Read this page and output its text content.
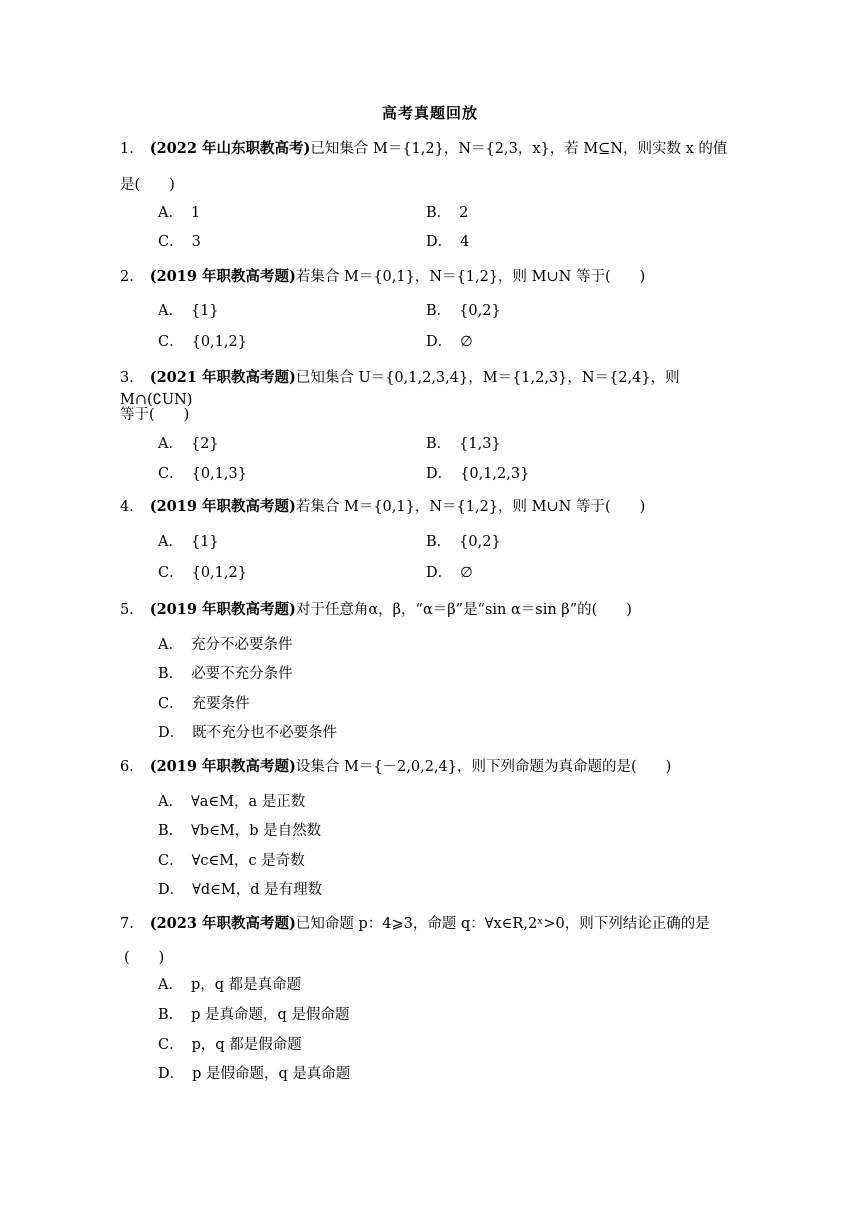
高考真题回放
1． (2022 年山东职教高考)已知集合 M＝{1,2}，N＝{2,3，x}，若 M⊆N，则实数 x 的值
是(　　)
A． 1	B． 2
C． 3	D． 4
2． (2019 年职教高考题)若集合 M＝{0,1}，N＝{1,2}，则 M∪N 等于(　　)
A． {1}	B． {0,2}
C． {0,1,2}	D． ∅
3． (2021 年职教高考题)已知集合 U＝{0,1,2,3,4}，M＝{1,2,3}，N＝{2,4}，则 M∩(∁UN)
等于(　　)
A． {2}	B． {1,3}
C． {0,1,3}	D． {0,1,2,3}
4． (2019 年职教高考题)若集合 M＝{0,1}，N＝{1,2}，则 M∪N 等于(　　)
A． {1}	B． {0,2}
C． {0,1,2}	D． ∅
5． (2019 年职教高考题)对于任意角α，β，“α＝β”是“sin α＝sin β”的(　　)
A． 充分不必要条件
B． 必要不充分条件
C． 充要条件
D． 既不充分也不必要条件
6． (2019 年职教高考题)设集合 M＝{－2,0,2,4}，则下列命题为真命题的是(　　)
A． ∀a∈M，a 是正数
B． ∀b∈M，b 是自然数
C． ∀c∈M，c 是奇数
D． ∀d∈M，d 是有理数
7． (2023 年职教高考题)已知命题 p：4⩾3，命题 q：∀x∈R,2ˣ>0，则下列结论正确的是
(　　)
A． p，q 都是真命题
B． p 是真命题，q 是假命题
C． p，q 都是假命题
D． p 是假命题，q 是真命题
